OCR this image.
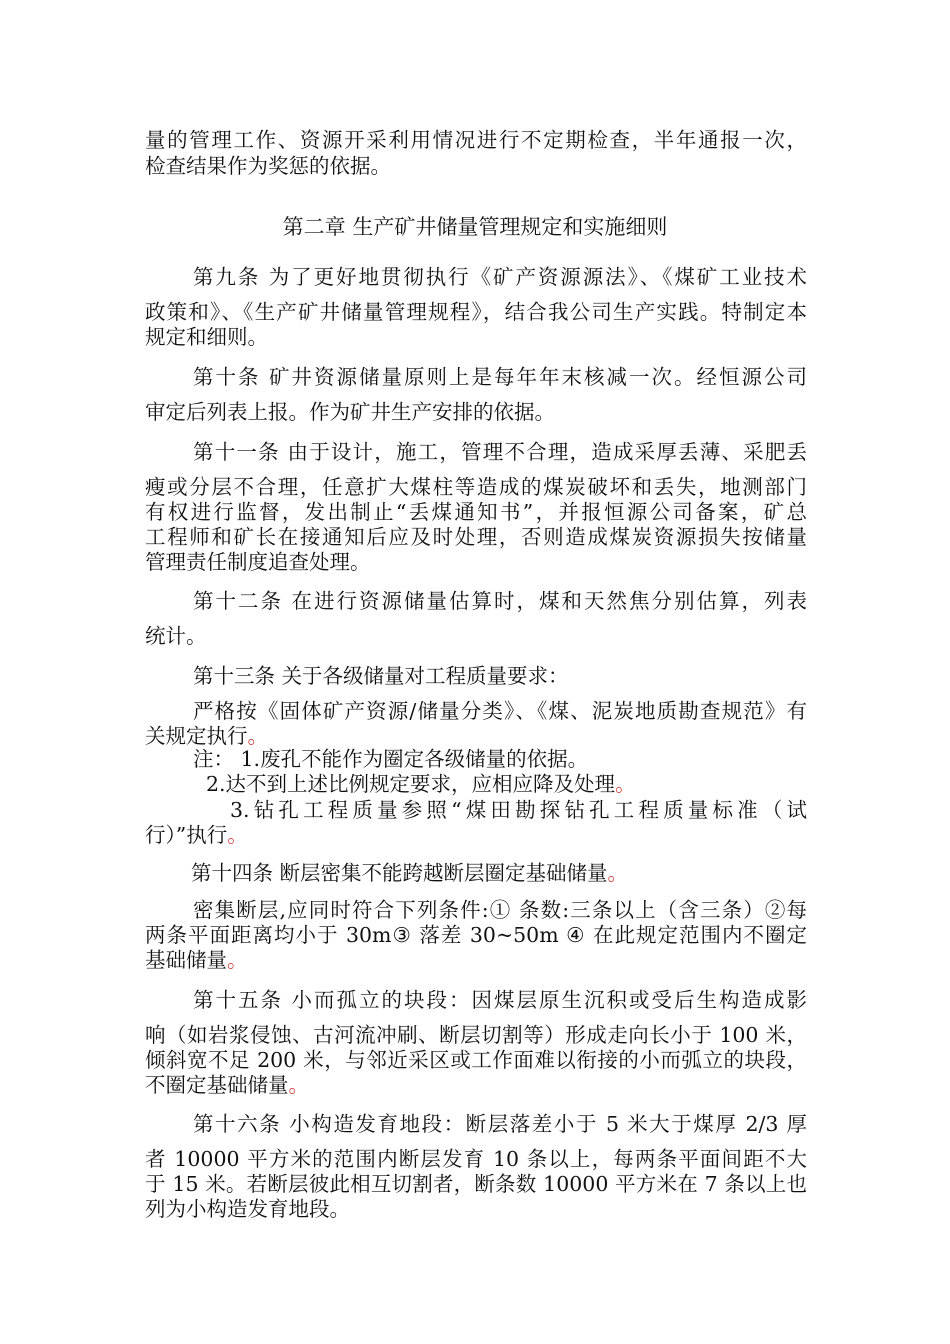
量的管理工作、资源开采利用情况进行不定期检查，半年通报一次，
检查结果作为奖惩的依据。
第二章 生产矿井储量管理规定和实施细则
第九条 为了更好地贯彻执行《矿产资源源法》、《煤矿工业技术
政策和》、《生产矿井储量管理规程》，结合我公司生产实践。特制定本
规定和细则。
第十条 矿井资源储量原则上是每年年末核减一次。经恒源公司
审定后列表上报。作为矿井生产安排的依据。
第十一条 由于设计，施工，管理不合理，造成采厚丢薄、采肥丢
瘦或分层不合理，任意扩大煤柱等造成的煤炭破坏和丢失，地测部门
有权进行监督，发出制止“丢煤通知书”，并报恒源公司备案，矿总
工程师和矿长在接通知后应及时处理，否则造成煤炭资源损失按储量
管理责任制度追查处理。
第十二条 在进行资源储量估算时，煤和天然焦分别估算，列表
统计。
第十三条 关于各级储量对工程质量要求：
严格按《固体矿产资源/储量分类》、《煤、泥炭地质勘查规范》有
关规定执行。
注： 1.废孔不能作为圈定各级储量的依据。
2.达不到上述比例规定要求，应相应降及处理。
3.钻孔工程质量参照“煤田勘探钻孔工程质量标准（试
行）”执行。
第十四条 断层密集不能跨越断层圈定基础储量。
密集断层,应同时符合下列条件:① 条数:三条以上（含三条）②每
两条平面距离均小于 30m③ 落差 30~50m ④ 在此规定范围内不圈定
基础储量。
第十五条 小而孤立的块段：因煤层原生沉积或受后生构造成影
响（如岩浆侵蚀、古河流冲刷、断层切割等）形成走向长小于 100 米，
倾斜宽不足 200 米，与邻近采区或工作面难以衔接的小而弧立的块段，
不圈定基础储量。
第十六条 小构造发育地段：断层落差小于 5 米大于煤厚 2/3 厚
者 10000 平方米的范围内断层发育 10 条以上，每两条平面间距不大
于 15 米。若断层彼此相互切割者，断条数 10000 平方米在 7 条以上也
列为小构造发育地段。
